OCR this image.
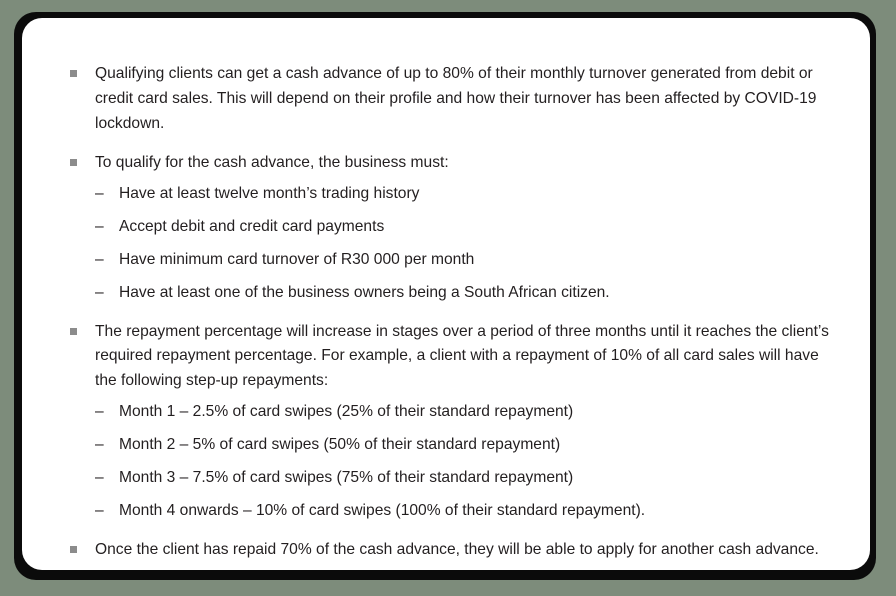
Qualifying clients can get a cash advance of up to 80% of their monthly turnover generated from debit or credit card sales. This will depend on their profile and how their turnover has been affected by COVID-19 lockdown.

To qualify for the cash advance, the business must:

– Have at least twelve month’s trading history
– Accept debit and credit card payments
– Have minimum card turnover of R30 000 per month
– Have at least one of the business owners being a South African citizen.

The repayment percentage will increase in stages over a period of three months until it reaches the client’s required repayment percentage. For example, a client with a repayment of 10% of all card sales will have the following step-up repayments:

– Month 1 – 2.5% of card swipes (25% of their standard repayment)
– Month 2 – 5% of card swipes (50% of their standard repayment)
– Month 3 – 7.5% of card swipes (75% of their standard repayment)
– Month 4 onwards – 10% of card swipes (100% of their standard repayment).

Once the client has repaid 70% of the cash advance, they will be able to apply for another cash advance.
